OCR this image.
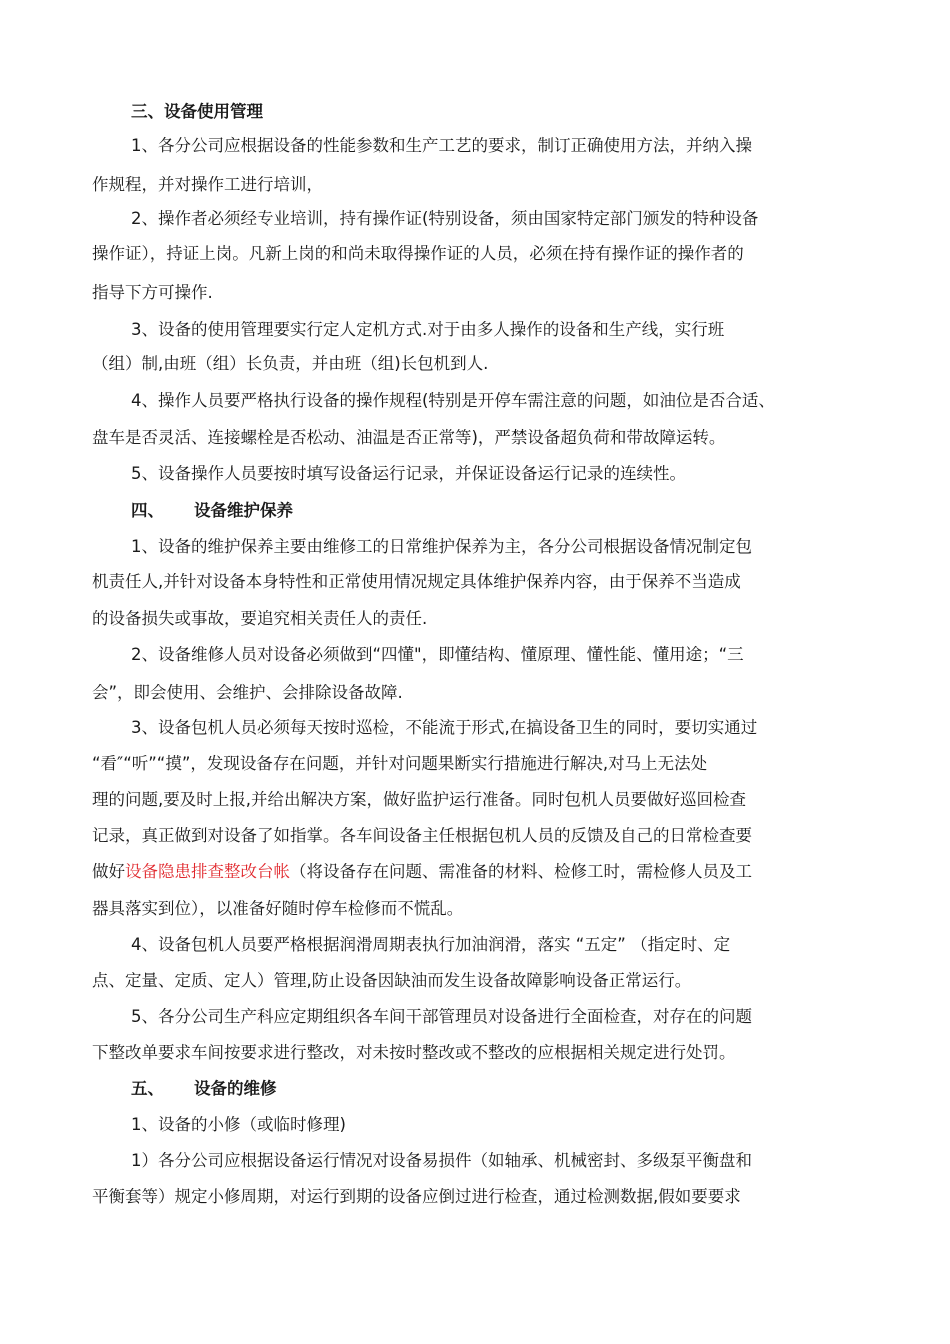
三、设备使用管理
1、各分公司应根据设备的性能参数和生产工艺的要求，制订正确使用方法，并纳入操
作规程，并对操作工进行培训，
2、操作者必须经专业培训，持有操作证(特别设备，须由国家特定部门颁发的特种设备
操作证），持证上岗。凡新上岗的和尚未取得操作证的人员，必须在持有操作证的操作者的
指导下方可操作.
3、设备的使用管理要实行定人定机方式.对于由多人操作的设备和生产线，实行班
（组）制,由班（组）长负责，并由班（组)长包机到人.
4、操作人员要严格执行设备的操作规程(特别是开停车需注意的问题，如油位是否合适、
盘车是否灵活、连接螺栓是否松动、油温是否正常等)，严禁设备超负荷和带故障运转。
5、设备操作人员要按时填写设备运行记录，并保证设备运行记录的连续性。
四、 设备维护保养
1、设备的维护保养主要由维修工的日常维护保养为主，各分公司根据设备情况制定包
机责任人,并针对设备本身特性和正常使用情况规定具体维护保养内容，由于保养不当造成
的设备损失或事故，要追究相关责任人的责任.
2、设备维修人员对设备必须做到“四懂"，即懂结构、懂原理、懂性能、懂用途；“三
会”，即会使用、会维护、会排除设备故障.
3、设备包机人员必须每天按时巡检，不能流于形式,在搞设备卫生的同时，要切实通过
“看″“听”“摸”，发现设备存在问题，并针对问题果断实行措施进行解决,对马上无法处
理的问题,要及时上报,并给出解决方案，做好监护运行准备。同时包机人员要做好巡回检查
记录，真正做到对设备了如指掌。各车间设备主任根据包机人员的反馈及自己的日常检查要
做好设备隐患排查整改台帐（将设备存在问题、需准备的材料、检修工时，需检修人员及工
器具落实到位），以准备好随时停车检修而不慌乱。
4、设备包机人员要严格根据润滑周期表执行加油润滑，落实 “五定” （指定时、定
点、定量、定质、定人）管理,防止设备因缺油而发生设备故障影响设备正常运行。
5、各分公司生产科应定期组织各车间干部管理员对设备进行全面检查，对存在的问题
下整改单要求车间按要求进行整改，对未按时整改或不整改的应根据相关规定进行处罚。
五、 设备的维修
1、设备的小修（或临时修理)
1）各分公司应根据设备运行情况对设备易损件（如轴承、机械密封、多级泵平衡盘和
平衡套等）规定小修周期，对运行到期的设备应倒过进行检查，通过检测数据,假如要要求
